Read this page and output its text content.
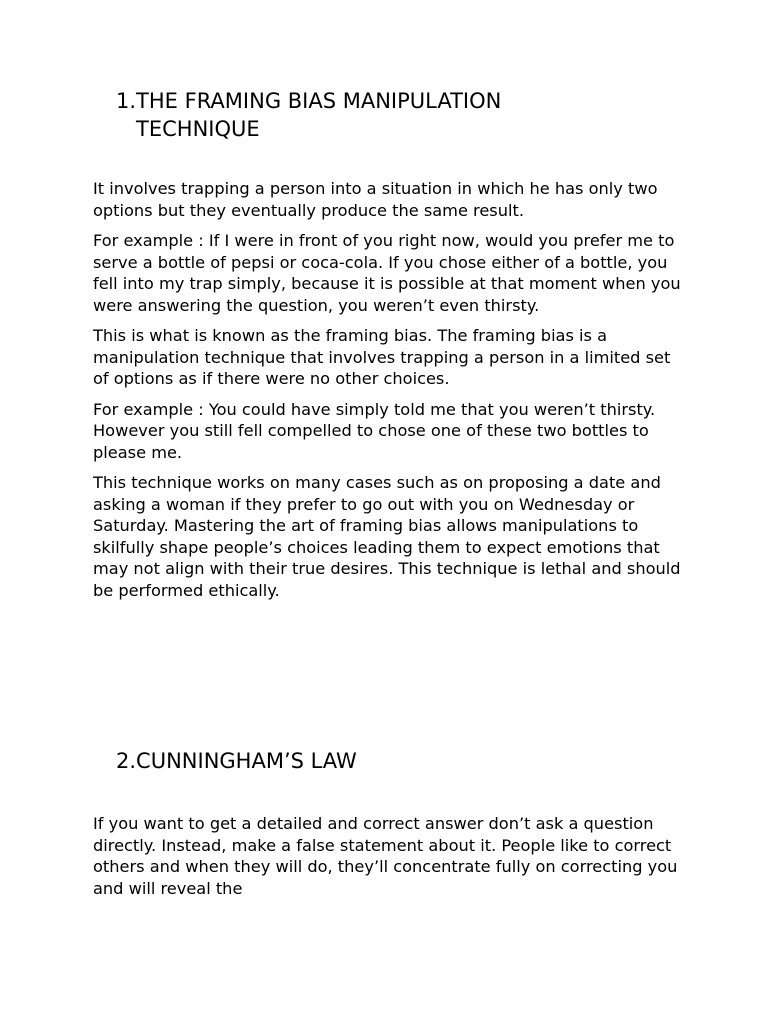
1. THE FRAMING BIAS MANIPULATION TECHNIQUE

It involves trapping a person into a situation in which he has only two options but they eventually produce the same result.

For example : If I were in front of you right now, would you prefer me to serve a bottle of pepsi or coca-cola. If you chose either of a bottle, you fell into my trap simply, because it is possible at that moment when you were answering the question, you weren’t even thirsty.

This is what is known as the framing bias. The framing bias is a manipulation technique that involves trapping a person in a limited set of options as if there were no other choices.

For example : You could have simply told me that you weren’t thirsty. However you still fell compelled to chose one of these two bottles to please me.

This technique works on many cases such as on proposing a date and asking a woman if they prefer to go out with you on Wednesday or Saturday. Mastering the art of framing bias allows manipulations to skilfully shape people’s choices leading them to expect emotions that may not align with their true desires. This technique is lethal and should be performed ethically.

2. CUNNINGHAM’S LAW

If you want to get a detailed and correct answer don’t ask a question directly. Instead, make a false statement about it. People like to correct others and when they will do, they’ll concentrate fully on correcting you and will reveal the
